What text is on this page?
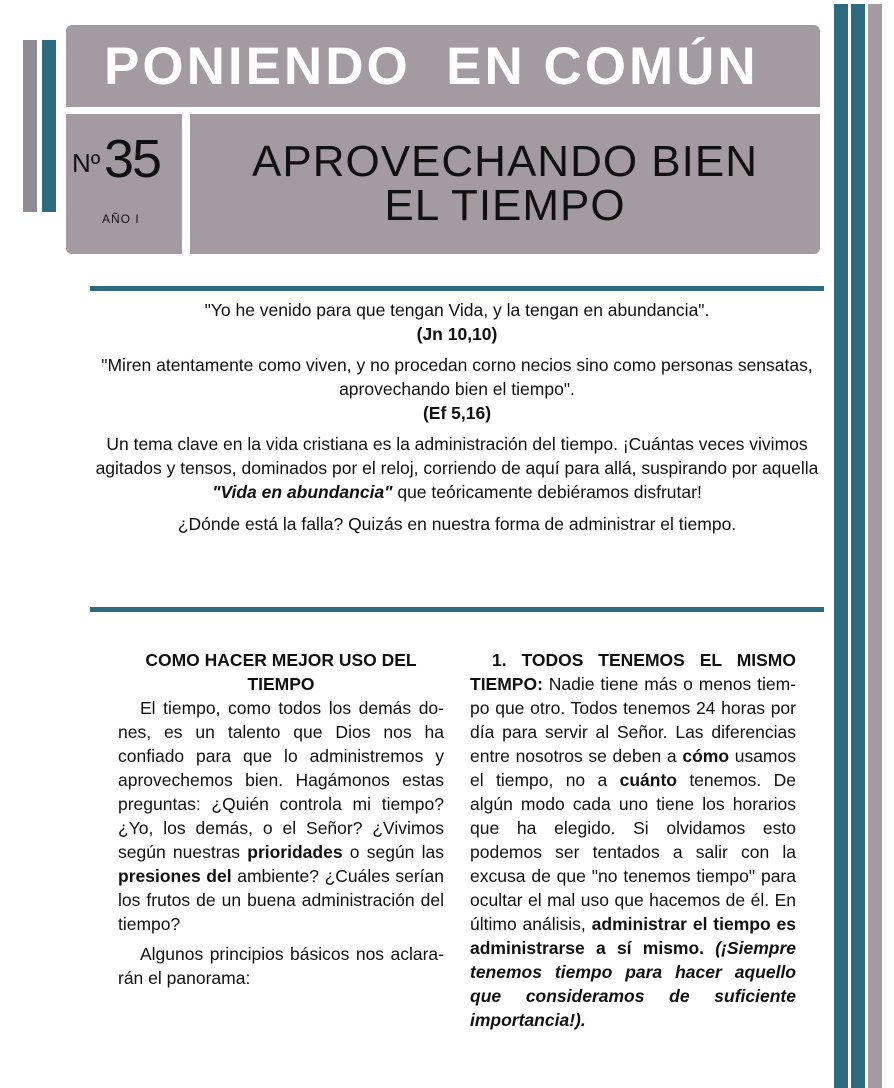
PONIENDO  EN COMÚN
Nº 35
AÑO I
APROVECHANDO BIEN
EL TIEMPO

"Yo he venido para que tengan Vida, y la tengan en abundancia".

(Jn 10,10)

"Miren atentamente como viven, y no procedan corno necios sino como personas sensatas, aprovechando bien el tiempo".

(Ef 5,16)

Un tema clave en la vida cristiana es la administración del tiempo. ¡Cuántas veces vivimos agitados y tensos, dominados por el reloj, corriendo de aquí para allá, suspirando por aquella "Vida en abundancia" que teóricamente debiéramos disfrutar!

¿Dónde está la falla? Quizás en nuestra forma de administrar el tiempo.

COMO HACER MEJOR USO DEL TIEMPO

El tiempo, como todos los demás dones, es un talento que Dios nos ha confiado para que lo administremos y aprovechemos bien. Hagámonos estas preguntas: ¿Quién controla mi tiempo? ¿Yo, los demás, o el Señor? ¿Vivimos según nuestras prioridades o según las presiones del ambiente? ¿Cuáles serían los frutos de un buena administración del tiempo?

Algunos principios básicos nos aclararán el panorama:

1. TODOS TENEMOS EL MISMO TIEMPO: Nadie tiene más o menos tiempo que otro. Todos tenemos 24 horas por día para servir al Señor. Las diferencias entre nosotros se deben a cómo usamos el tiempo, no a cuánto tenemos. De algún modo cada uno tiene los horarios que ha elegido. Si olvidamos esto podemos ser tentados a salir con la excusa de que "no tenemos tiempo" para ocultar el mal uso que hacemos de él. En último análisis, administrar el tiempo es administrarse a sí mismo. (¡Siempre tenemos tiempo para hacer aquello que consideramos de suficiente importancia!).
